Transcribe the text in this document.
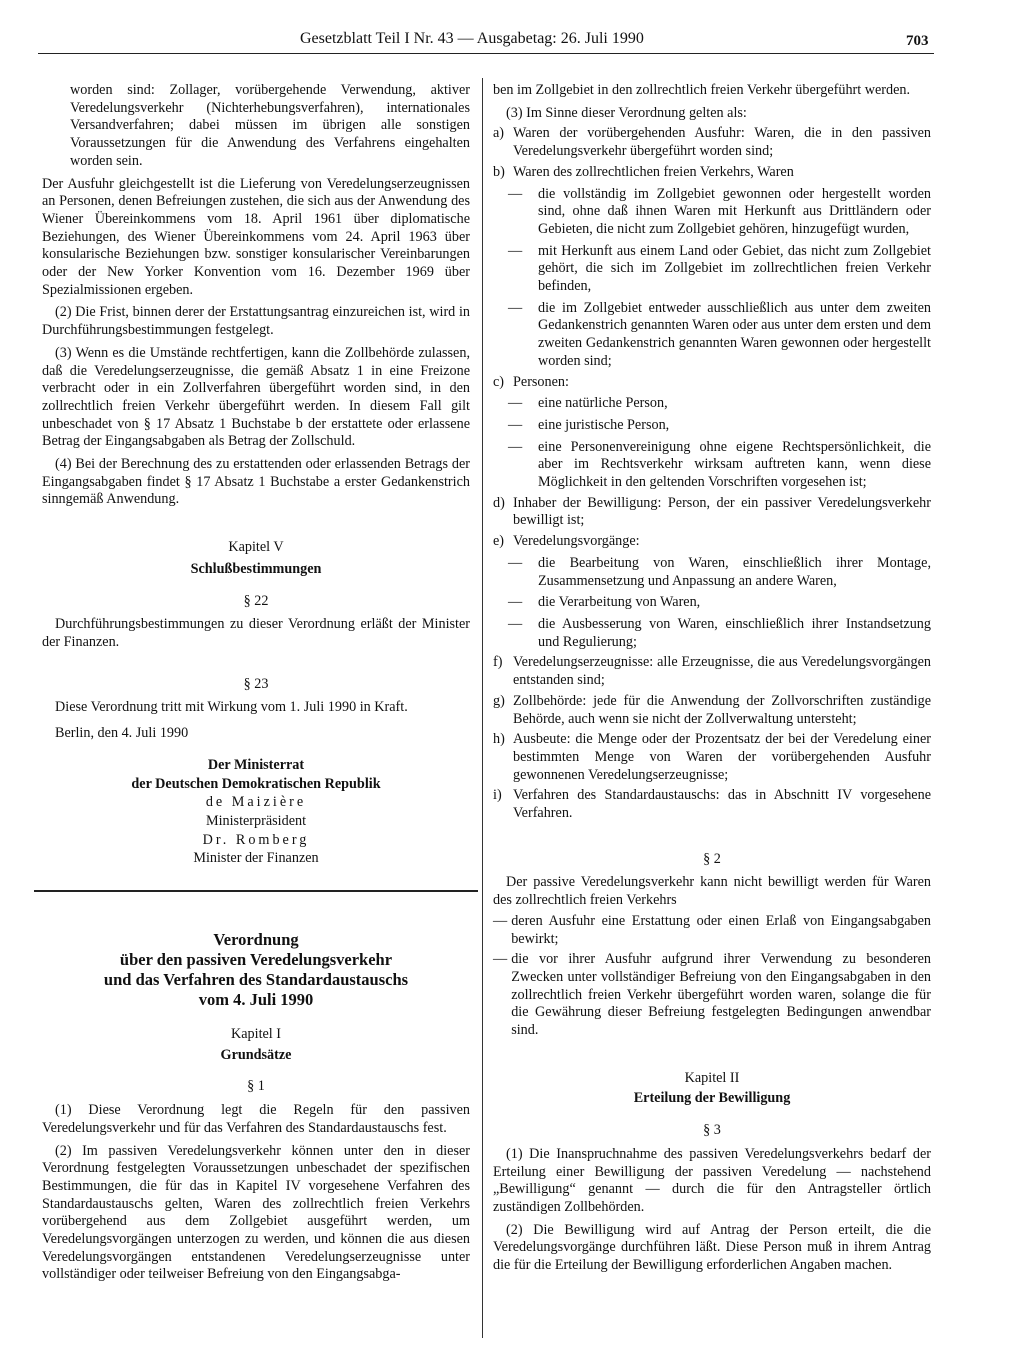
Gesetzblatt Teil I Nr. 43 — Ausgabetag: 26. Juli 1990	703

worden sind: Zollager, vorübergehende Verwendung, aktiver Veredelungsverkehr (Nichterhebungsverfahren), internationales Versandverfahren; dabei müssen im übrigen alle sonstigen Voraussetzungen für die Anwendung des Verfahrens eingehalten worden sein.

Der Ausfuhr gleichgestellt ist die Lieferung von Veredelungserzeugnissen an Personen, denen Befreiungen zustehen, die sich aus der Anwendung des Wiener Übereinkommens vom 18. April 1961 über diplomatische Beziehungen, des Wiener Übereinkommens vom 24. April 1963 über konsularische Beziehungen bzw. sonstiger konsularischer Vereinbarungen oder der New Yorker Konvention vom 16. Dezember 1969 über Spezialmissionen ergeben.

(2) Die Frist, binnen derer der Erstattungsantrag einzureichen ist, wird in Durchführungsbestimmungen festgelegt.

(3) Wenn es die Umstände rechtfertigen, kann die Zollbehörde zulassen, daß die Veredelungserzeugnisse, die gemäß Absatz 1 in eine Freizone verbracht oder in ein Zollverfahren übergeführt worden sind, in den zollrechtlich freien Verkehr übergeführt werden. In diesem Fall gilt unbeschadet von § 17 Absatz 1 Buchstabe b der erstattete oder erlassene Betrag der Eingangsabgaben als Betrag der Zollschuld.

(4) Bei der Berechnung des zu erstattenden oder erlassenden Betrags der Eingangsabgaben findet § 17 Absatz 1 Buchstabe a erster Gedankenstrich sinngemäß Anwendung.

Kapitel V

Schlußbestimmungen

§ 22

Durchführungsbestimmungen zu dieser Verordnung erläßt der Minister der Finanzen.

§ 23

Diese Verordnung tritt mit Wirkung vom 1. Juli 1990 in Kraft.

Berlin, den 4. Juli 1990

Der Ministerrat

der Deutschen Demokratischen Republik

de Maizière

Ministerpräsident

Dr. Romberg

Minister der Finanzen

Verordnung

über den passiven Veredelungsverkehr

und das Verfahren des Standardaustauschs

vom 4. Juli 1990

Kapitel I

Grundsätze

§ 1

(1) Diese Verordnung legt die Regeln für den passiven Veredelungsverkehr und für das Verfahren des Standardaustauschs fest.

(2) Im passiven Veredelungsverkehr können unter den in dieser Verordnung festgelegten Voraussetzungen unbeschadet der spezifischen Bestimmungen, die für das in Kapitel IV vorgesehene Verfahren des Standardaustauschs gelten, Waren des zollrechtlich freien Verkehrs vorübergehend aus dem Zollgebiet ausgeführt werden, um Veredelungsvorgängen unterzogen zu werden, und können die aus diesen Veredelungsvorgängen entstandenen Veredelungserzeugnisse unter vollständiger oder teilweiser Befreiung von den Eingangsabga-

ben im Zollgebiet in den zollrechtlich freien Verkehr übergeführt werden.

(3) Im Sinne dieser Verordnung gelten als:

a) Waren der vorübergehenden Ausfuhr: Waren, die in den passiven Veredelungsverkehr übergeführt worden sind;
b) Waren des zollrechtlichen freien Verkehrs, Waren
—	die vollständig im Zollgebiet gewonnen oder hergestellt worden sind, ohne daß ihnen Waren mit Herkunft aus Drittländern oder Gebieten, die nicht zum Zollgebiet gehören, hinzugefügt wurden,
—	mit Herkunft aus einem Land oder Gebiet, das nicht zum Zollgebiet gehört, die sich im Zollgebiet im zollrechtlichen freien Verkehr befinden,
—	die im Zollgebiet entweder ausschließlich aus unter dem zweiten Gedankenstrich genannten Waren oder aus unter dem ersten und dem zweiten Gedankenstrich genannten Waren gewonnen oder hergestellt worden sind;
c) Personen:
—	eine natürliche Person,
—	eine juristische Person,
—	eine Personenvereinigung ohne eigene Rechtspersönlichkeit, die aber im Rechtsverkehr wirksam auftreten kann, wenn diese Möglichkeit in den geltenden Vorschriften vorgesehen ist;
d) Inhaber der Bewilligung: Person, der ein passiver Veredelungsverkehr bewilligt ist;
e) Veredelungsvorgänge:
—	die Bearbeitung von Waren, einschließlich ihrer Montage, Zusammensetzung und Anpassung an andere Waren,
—	die Verarbeitung von Waren,
—	die Ausbesserung von Waren, einschließlich ihrer Instandsetzung und Regulierung;
f) Veredelungserzeugnisse: alle Erzeugnisse, die aus Veredelungsvorgängen entstanden sind;
g) Zollbehörde: jede für die Anwendung der Zollvorschriften zuständige Behörde, auch wenn sie nicht der Zollverwaltung untersteht;
h) Ausbeute: die Menge oder der Prozentsatz der bei der Veredelung einer bestimmten Menge von Waren der vorübergehenden Ausfuhr gewonnenen Veredelungserzeugnisse;
i) Verfahren des Standardaustauschs: das in Abschnitt IV vorgesehene Verfahren.

§ 2

Der passive Veredelungsverkehr kann nicht bewilligt werden für Waren des zollrechtlich freien Verkehrs

— deren Ausfuhr eine Erstattung oder einen Erlaß von Eingangsabgaben bewirkt;
— die vor ihrer Ausfuhr aufgrund ihrer Verwendung zu besonderen Zwecken unter vollständiger Befreiung von den Eingangsabgaben in den zollrechtlich freien Verkehr übergeführt worden waren, solange die für die Gewährung dieser Befreiung festgelegten Bedingungen anwendbar sind.

Kapitel II

Erteilung der Bewilligung

§ 3

(1) Die Inanspruchnahme des passiven Veredelungsverkehrs bedarf der Erteilung einer Bewilligung der passiven Veredelung — nachstehend „Bewilligung“ genannt — durch die für den Antragsteller örtlich zuständigen Zollbehörden.

(2) Die Bewilligung wird auf Antrag der Person erteilt, die die Veredelungsvorgänge durchführen läßt. Diese Person muß in ihrem Antrag die für die Erteilung der Bewilligung erforderlichen Angaben machen.
